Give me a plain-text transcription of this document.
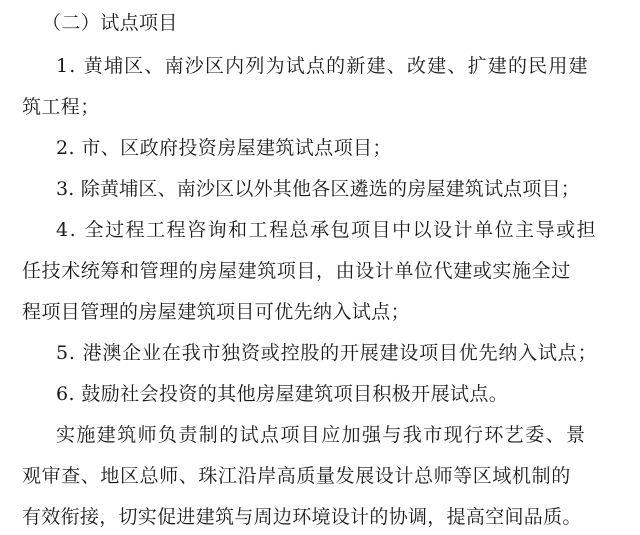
（二）试点项目
1. 黄埔区、南沙区内列为试点的新建、改建、扩建的民用建
筑工程；
2. 市、区政府投资房屋建筑试点项目；
3. 除黄埔区、南沙区以外其他各区遴选的房屋建筑试点项目；
4. 全过程工程咨询和工程总承包项目中以设计单位主导或担
任技术统筹和管理的房屋建筑项目，由设计单位代建或实施全过
程项目管理的房屋建筑项目可优先纳入试点；
5. 港澳企业在我市独资或控股的开展建设项目优先纳入试点；
6. 鼓励社会投资的其他房屋建筑项目积极开展试点。
实施建筑师负责制的试点项目应加强与我市现行环艺委、景
观审查、地区总师、珠江沿岸高质量发展设计总师等区域机制的
有效衔接，切实促进建筑与周边环境设计的协调，提高空间品质。
